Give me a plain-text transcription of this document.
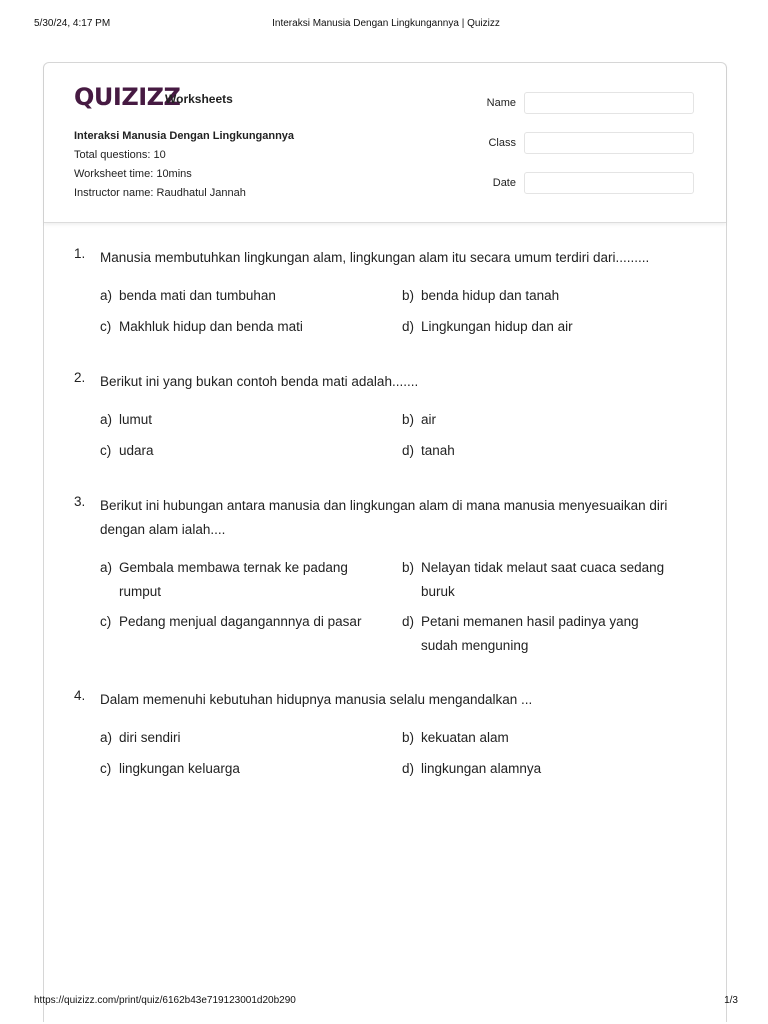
5/30/24, 4:17 PM	Interaksi Manusia Dengan Lingkungannya | Quizizz
QUIZIZZ
Worksheets
Interaksi Manusia Dengan Lingkungannya
Total questions: 10
Worksheet time: 10mins
Instructor name: Raudhatul Jannah
Name
Class
Date
1. Manusia membutuhkan lingkungan alam, lingkungan alam itu secara umum terdiri dari.........
a) benda mati dan tumbuhan	b) benda hidup dan tanah
c) Makhluk hidup dan benda mati	d) Lingkungan hidup dan air
2. Berikut ini yang bukan contoh benda mati adalah.......
a) lumut	b) air
c) udara	d) tanah
3. Berikut ini hubungan antara manusia dan lingkungan alam di mana manusia menyesuaikan diri dengan alam ialah....
a) Gembala membawa ternak ke padang rumput
b) Nelayan tidak melaut saat cuaca sedang buruk
c) Pedang menjual dagangannnya di pasar	d) Petani memanen hasil padinya yang sudah menguning
4. Dalam memenuhi kebutuhan hidupnya manusia selalu mengandalkan ...
a) diri sendiri	b) kekuatan alam
c) lingkungan keluarga	d) lingkungan alamnya
https://quizizz.com/print/quiz/6162b43e719123001d20b290	1/3
